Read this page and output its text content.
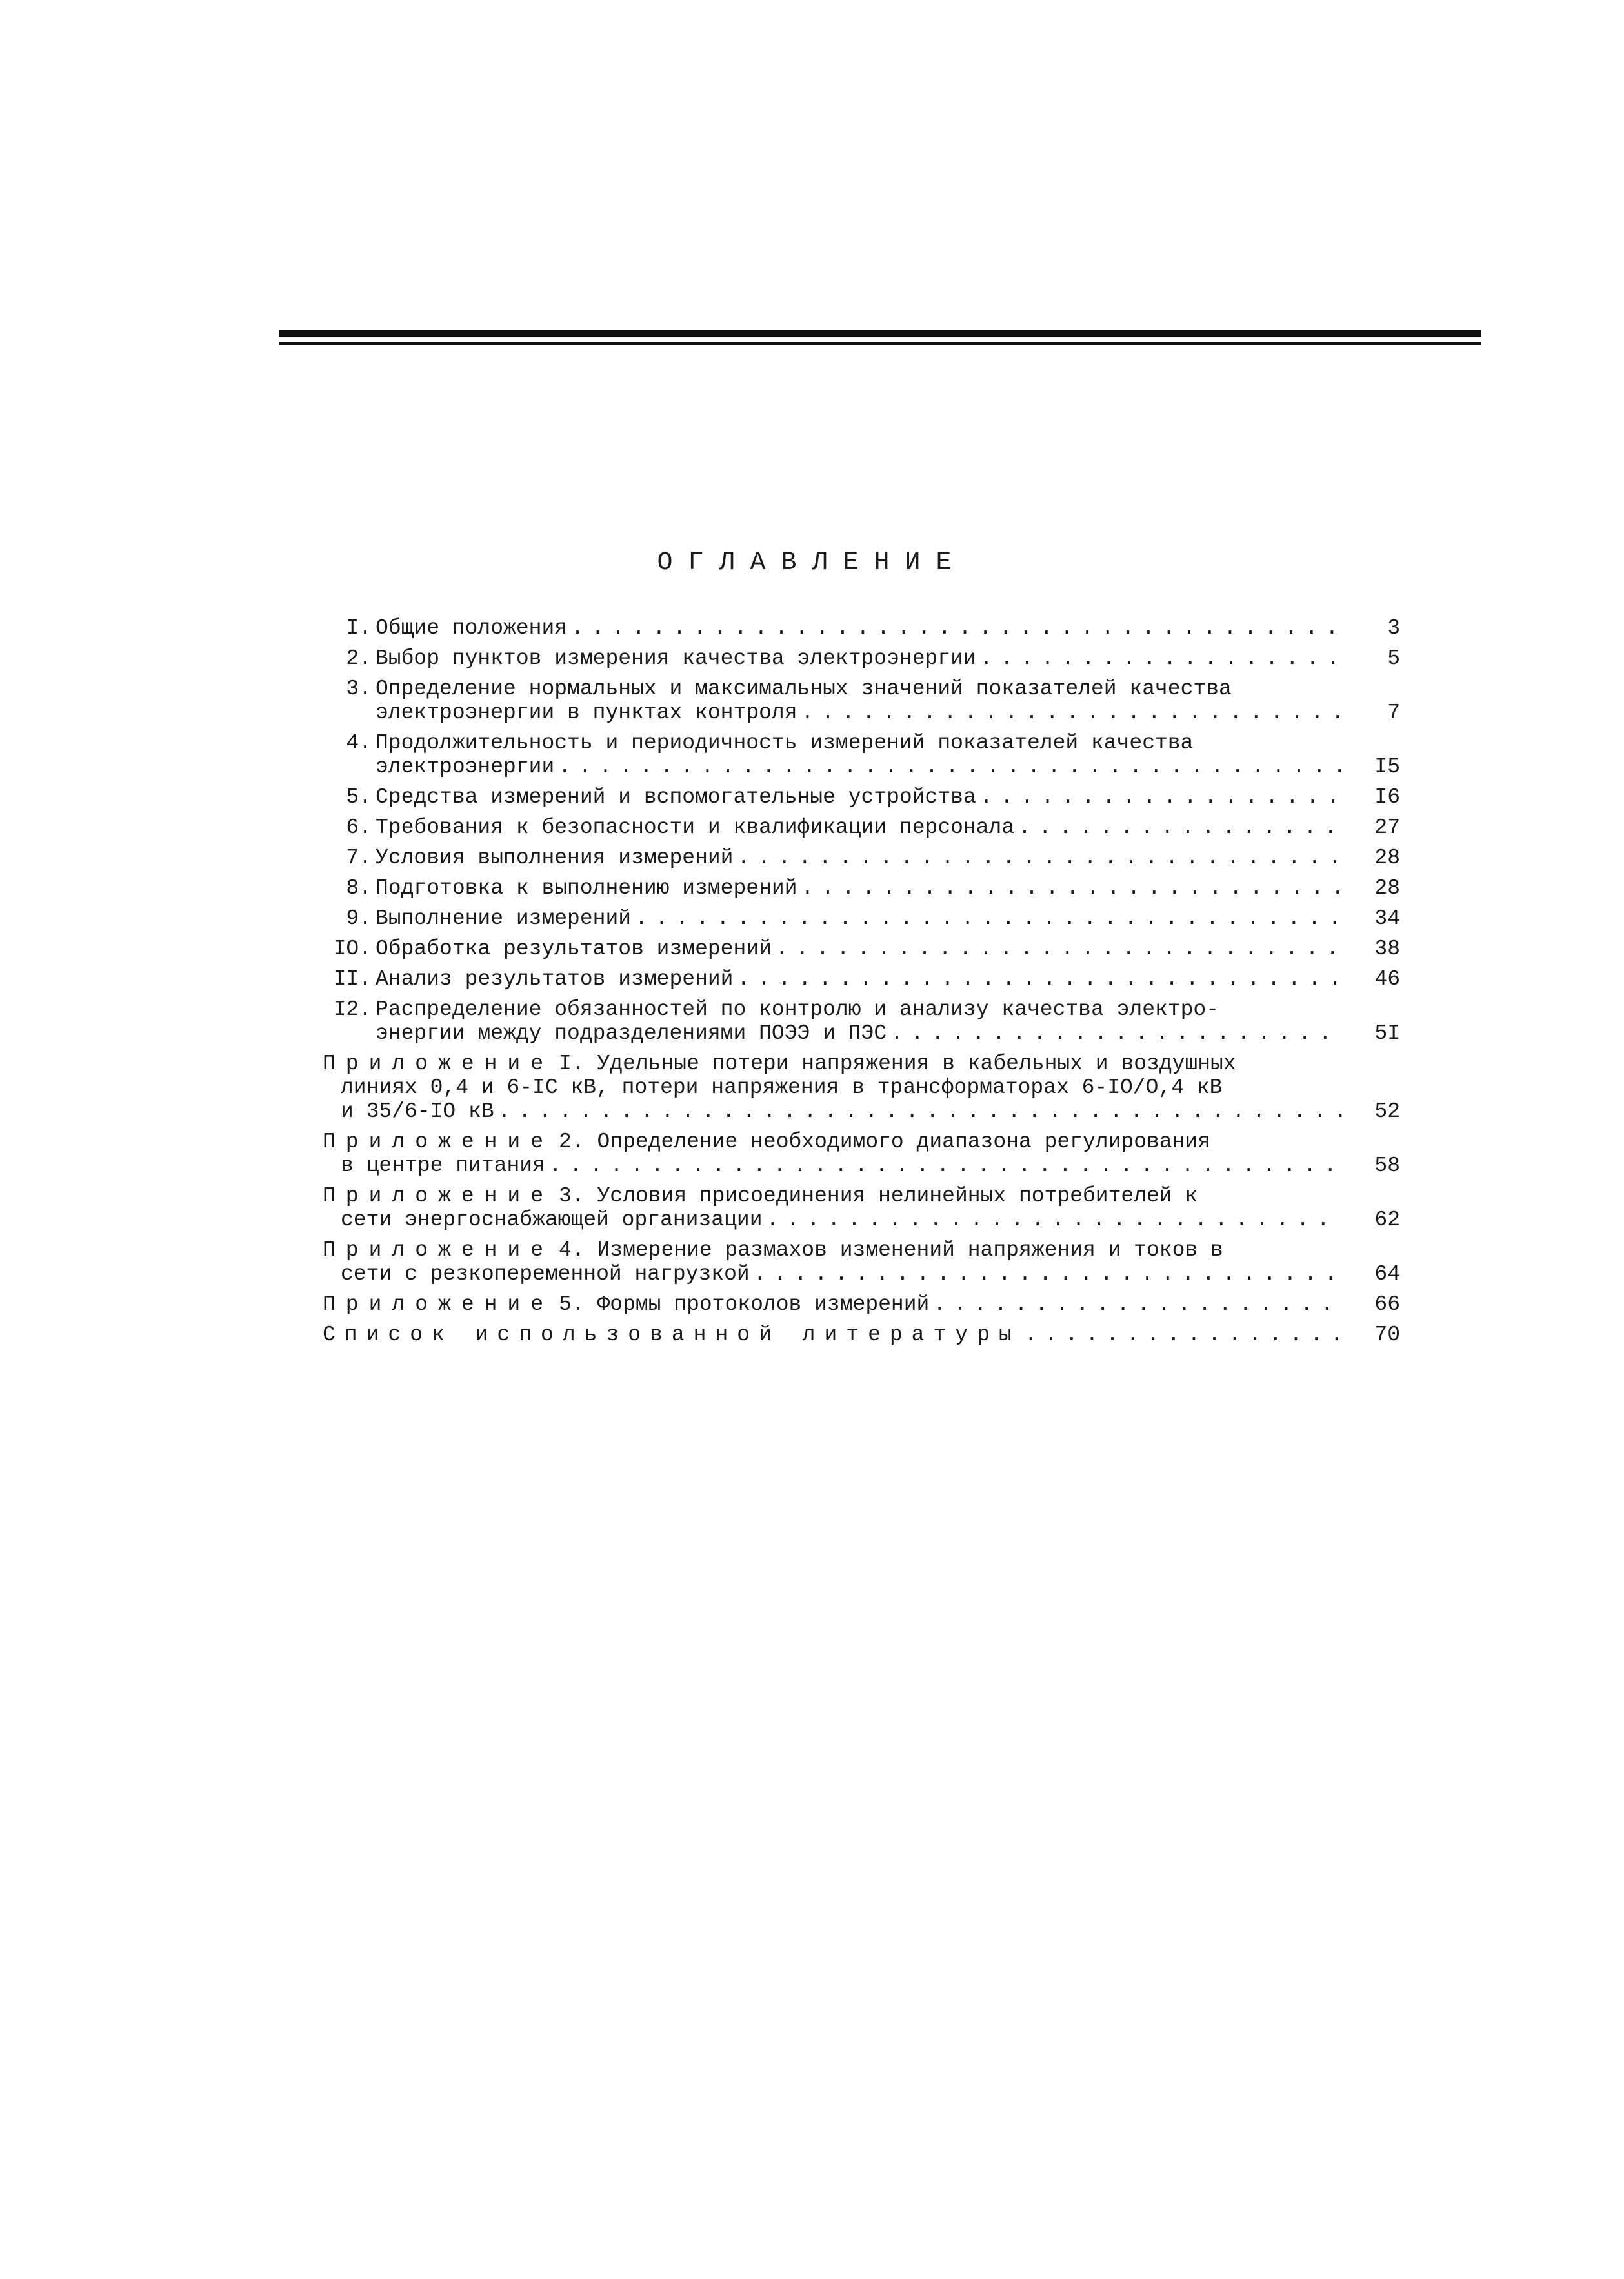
ОГЛАВЛЕНИЕ
I. Общие положения . . .	3
2. Выбор пунктов измерения качества электроэнергии . . .	5
3. Определение нормальных и максимальных значений показателей качества
электроэнергии в пунктах контроля . . .	7
4. Продолжительность и периодичность измерений показателей качества
электроэнергии . . .	I5
5. Средства измерений и вспомогательные устройства . . .	I6
6. Требования к безопасности и квалификации персонала . . .	27
7. Условия выполнения измерений . . .	28
8. Подготовка к выполнению измерений . . .	28
9. Выполнение измерений . . .	34
IO. Обработка результатов измерений . . .	38
II. Анализ результатов измерений . . .	46
I2. Распределение обязанностей по контролю и анализу качества электро-
энергии между подразделениями ПОЭЭ и ПЭС . . .	5I
Приложение I. Удельные потери напряжения в кабельных и воздушных
линиях 0,4 и 6-IC кВ, потери напряжения в трансформаторах 6-IO/O,4 кВ
и 35/6-IO кВ . . .	52
Приложение 2. Определение необходимого диапазона регулирования
в центре питания . . .	58
Приложение 3. Условия присоединения нелинейных потребителей к
сети энергоснабжающей организации . . .	62
Приложение 4. Измерение размахов изменений напряжения и токов в
сети с резкопеременной нагрузкой . . .	64
Приложение 5. Формы протоколов измерений . . .	66
Список использованной литературы . . .	70
